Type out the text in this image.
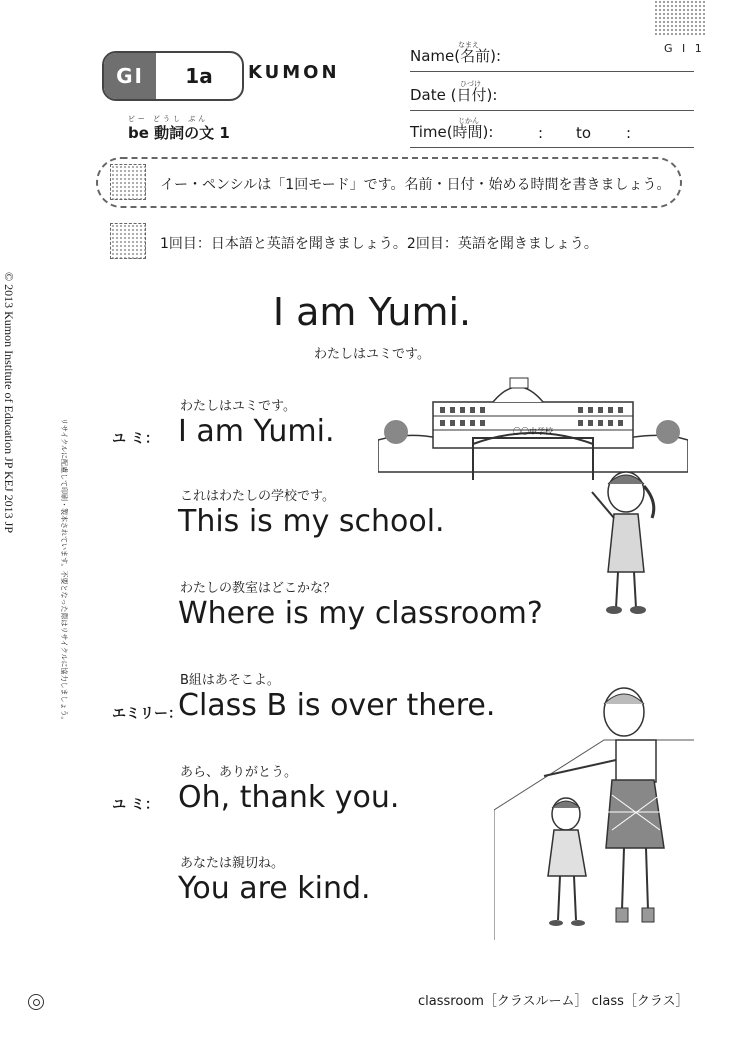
G I 1
GI	1a	KUMON
なまえ
Name(名前):
ひづけ
Date (日付):
じかん
Time(時間):	: to :
ビー どうし ぶん
be 動詞の文 1
イー・ペンシルは「1回モード」です。名前・日付・始める時間を書きましょう。
1回目：日本語と英語を聞きましょう。2回目：英語を聞きましょう。
© 2013 Kumon Institute of Education JP KEJ 2013 JP
リサイクルに配慮して印刷・製本されています。不要となった際はリサイクルに協力しましょう。
I am Yumi.
わたしはユミです。
わたしはユミです。
ユ ミ： I am Yumi.
これはわたしの学校です。
This is my school.
わたしの教室はどこかな？
Where is my classroom?
B組はあそこよ。
エミリー：
Class B is over there.
あら、ありがとう。
ユ ミ： Oh, thank you.
あなたは親切ね。
You are kind.
〇〇中学校
classroom［クラスルーム］ class［クラス］
